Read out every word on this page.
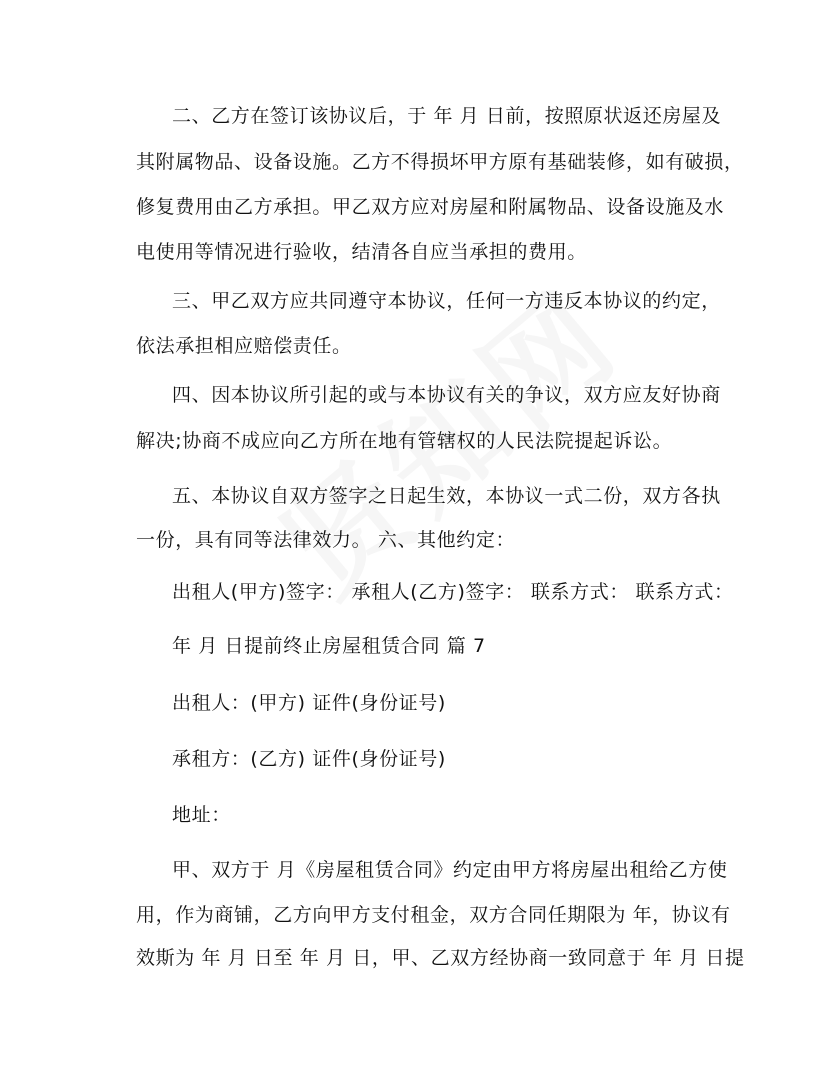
二、乙方在签订该协议后，于 年 月 日前，按照原状返还房屋及
其附属物品、设备设施。乙方不得损坏甲方原有基础装修，如有破损，
修复费用由乙方承担。甲乙双方应对房屋和附属物品、设备设施及水
电使用等情况进行验收，结清各自应当承担的费用。
三、甲乙双方应共同遵守本协议，任何一方违反本协议的约定，
依法承担相应赔偿责任。
四、因本协议所引起的或与本协议有关的争议，双方应友好协商
解决;协商不成应向乙方所在地有管辖权的人民法院提起诉讼。
五、本协议自双方签字之日起生效，本协议一式二份，双方各执
一份，具有同等法律效力。 六、其他约定：
出租人(甲方)签字： 承租人(乙方)签字： 联系方式： 联系方式：
年 月 日提前终止房屋租赁合同 篇 7
出租人：(甲方) 证件(身份证号)
承租方：(乙方) 证件(身份证号)
地址：
甲、双方于 月《房屋租赁合同》约定由甲方将房屋出租给乙方使
用，作为商铺，乙方向甲方支付租金，双方合同任期限为 年，协议有
效斯为 年 月 日至 年 月 日，甲、乙双方经协商一致同意于 年 月 日提
